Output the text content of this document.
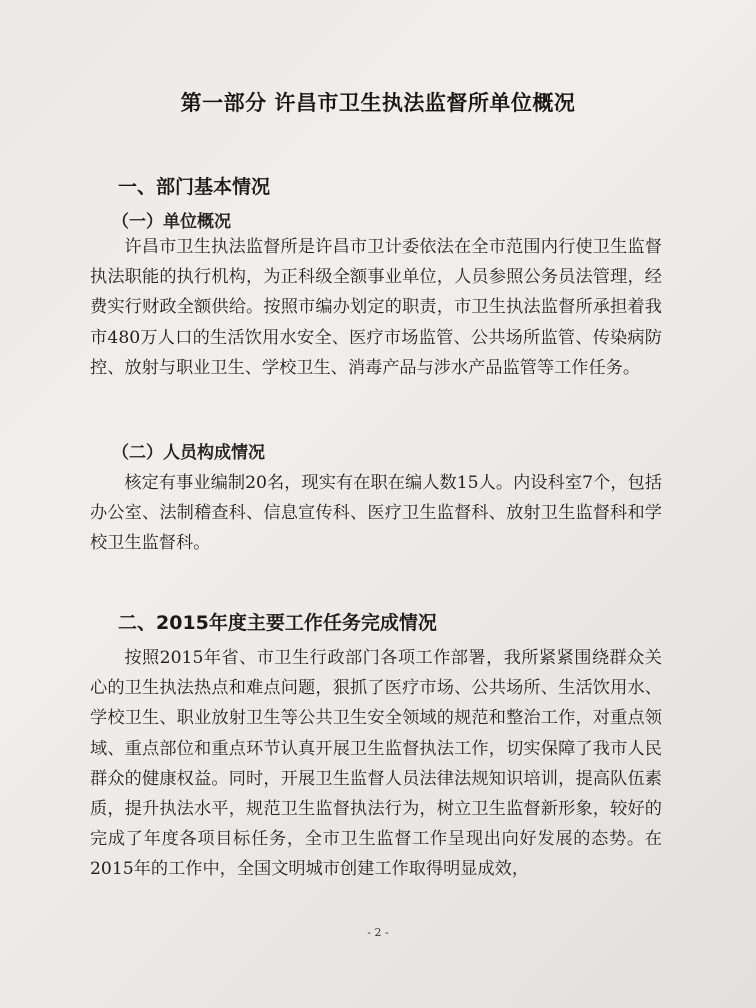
第一部分 许昌市卫生执法监督所单位概况
一、部门基本情况
（一）单位概况

许昌市卫生执法监督所是许昌市卫计委依法在全市范围内行使卫生监督执法职能的执行机构，为正科级全额事业单位，人员参照公务员法管理，经费实行财政全额供给。按照市编办划定的职责，市卫生执法监督所承担着我市480万人口的生活饮用水安全、医疗市场监管、公共场所监管、传染病防控、放射与职业卫生、学校卫生、消毒产品与涉水产品监管等工作任务。

（二）人员构成情况

核定有事业编制20名，现实有在职在编人数15人。内设科室7个，包括办公室、法制稽查科、信息宣传科、医疗卫生监督科、放射卫生监督科和学校卫生监督科。

二、2015年度主要工作任务完成情况

按照2015年省、市卫生行政部门各项工作部署，我所紧紧围绕群众关心的卫生执法热点和难点问题，狠抓了医疗市场、公共场所、生活饮用水、学校卫生、职业放射卫生等公共卫生安全领域的规范和整治工作，对重点领域、重点部位和重点环节认真开展卫生监督执法工作，切实保障了我市人民群众的健康权益。同时，开展卫生监督人员法律法规知识培训，提高队伍素质，提升执法水平，规范卫生监督执法行为，树立卫生监督新形象，较好的完成了年度各项目标任务，全市卫生监督工作呈现出向好发展的态势。在2015年的工作中，全国文明城市创建工作取得明显成效，

- 2 -
